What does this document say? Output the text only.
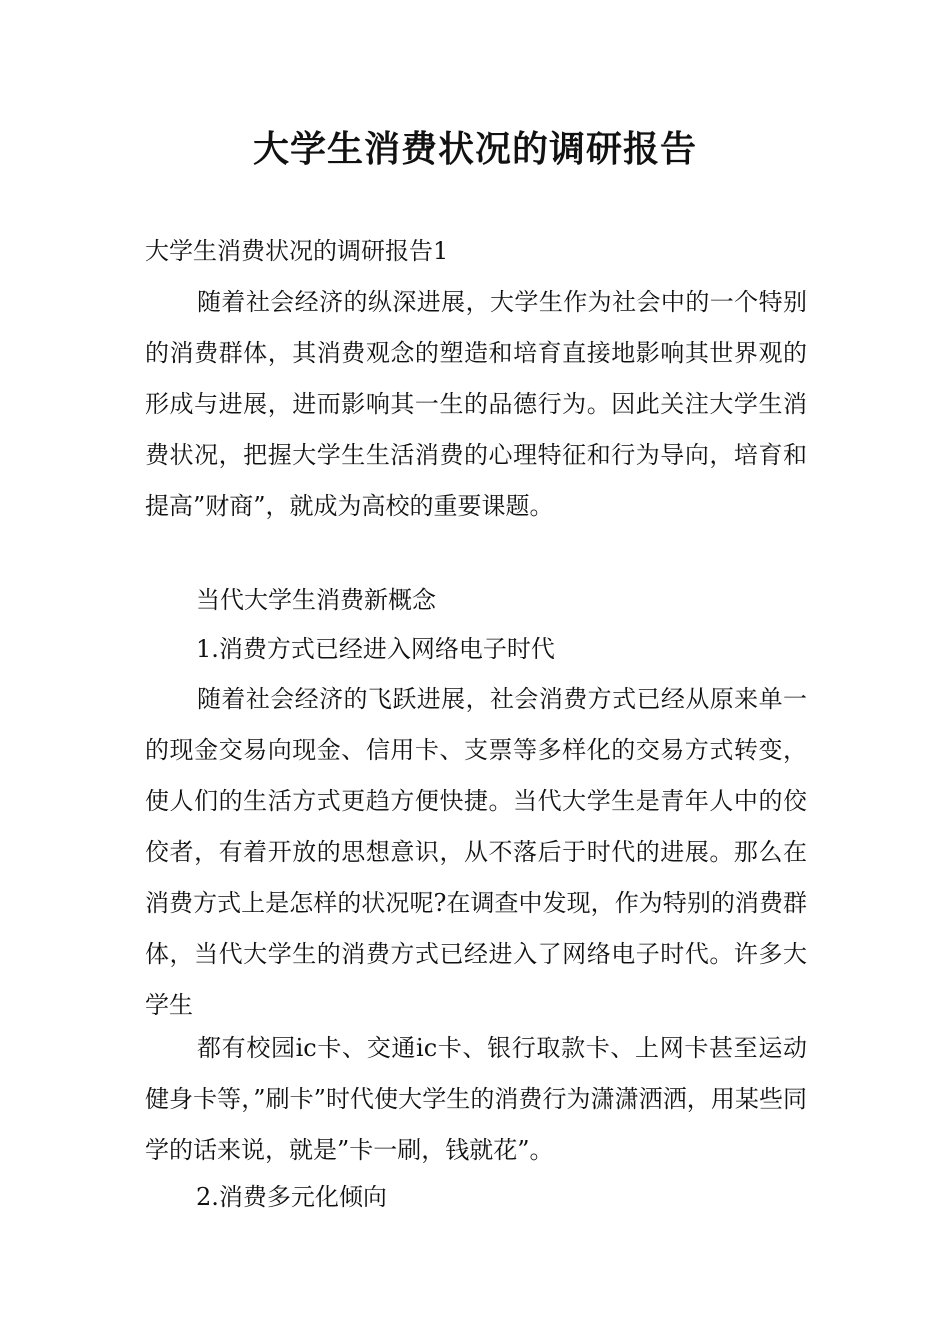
大学生消费状况的调研报告

大学生消费状况的调研报告1

随着社会经济的纵深进展，大学生作为社会中的一个特别的消费群体，其消费观念的塑造和培育直接地影响其世界观的形成与进展，进而影响其一生的品德行为。因此关注大学生消费状况，把握大学生生活消费的心理特征和行为导向，培育和提高”财商”，就成为高校的重要课题。

当代大学生消费新概念

1.消费方式已经进入网络电子时代

随着社会经济的飞跃进展，社会消费方式已经从原来单一的现金交易向现金、信用卡、支票等多样化的交易方式转变，使人们的生活方式更趋方便快捷。当代大学生是青年人中的佼佼者，有着开放的思想意识，从不落后于时代的进展。那么在消费方式上是怎样的状况呢?在调查中发现，作为特别的消费群体，当代大学生的消费方式已经进入了网络电子时代。许多大学生

都有校园ic卡、交通ic卡、银行取款卡、上网卡甚至运动健身卡等，”刷卡”时代使大学生的消费行为潇潇洒洒，用某些同学的话来说，就是”卡一刷，钱就花”。

2.消费多元化倾向
